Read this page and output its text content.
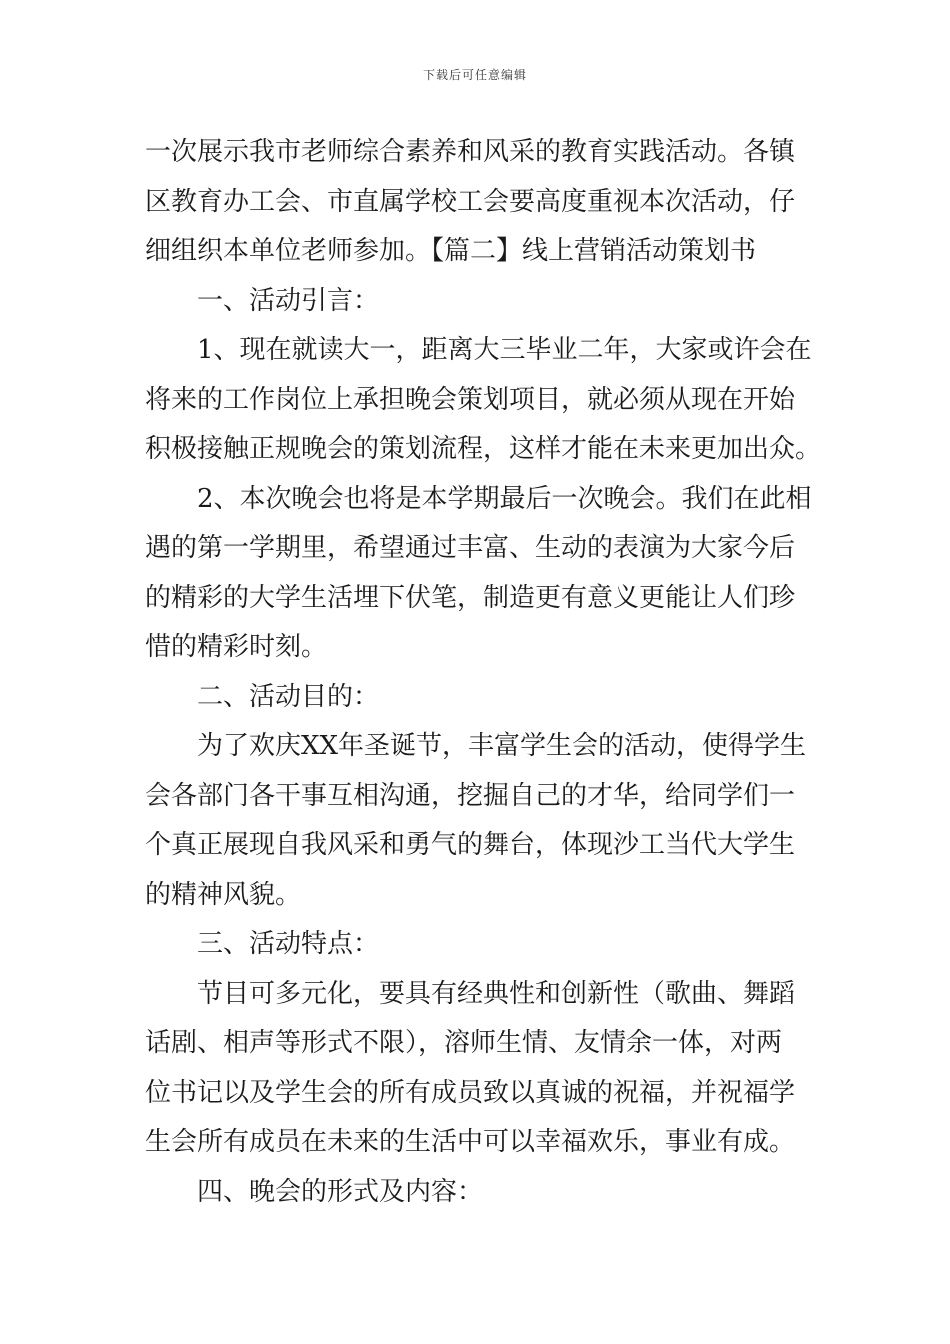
下载后可任意编辑
一次展示我市老师综合素养和风采的教育实践活动。各镇
区教育办工会、市直属学校工会要高度重视本次活动，仔
细组织本单位老师参加。【篇二】线上营销活动策划书
一、活动引言：
1、现在就读大一，距离大三毕业二年，大家或许会在
将来的工作岗位上承担晚会策划项目，就必须从现在开始
积极接触正规晚会的策划流程，这样才能在未来更加出众。
2、本次晚会也将是本学期最后一次晚会。我们在此相
遇的第一学期里，希望通过丰富、生动的表演为大家今后
的精彩的大学生活埋下伏笔，制造更有意义更能让人们珍
惜的精彩时刻。
二、活动目的：
为了欢庆XX年圣诞节，丰富学生会的活动，使得学生
会各部门各干事互相沟通，挖掘自己的才华，给同学们一
个真正展现自我风采和勇气的舞台，体现沙工当代大学生
的精神风貌。
三、活动特点：
节目可多元化，要具有经典性和创新性（歌曲、舞蹈
话剧、相声等形式不限），溶师生情、友情余一体，对两
位书记以及学生会的所有成员致以真诚的祝福，并祝福学
生会所有成员在未来的生活中可以幸福欢乐，事业有成。
四、晚会的形式及内容：
